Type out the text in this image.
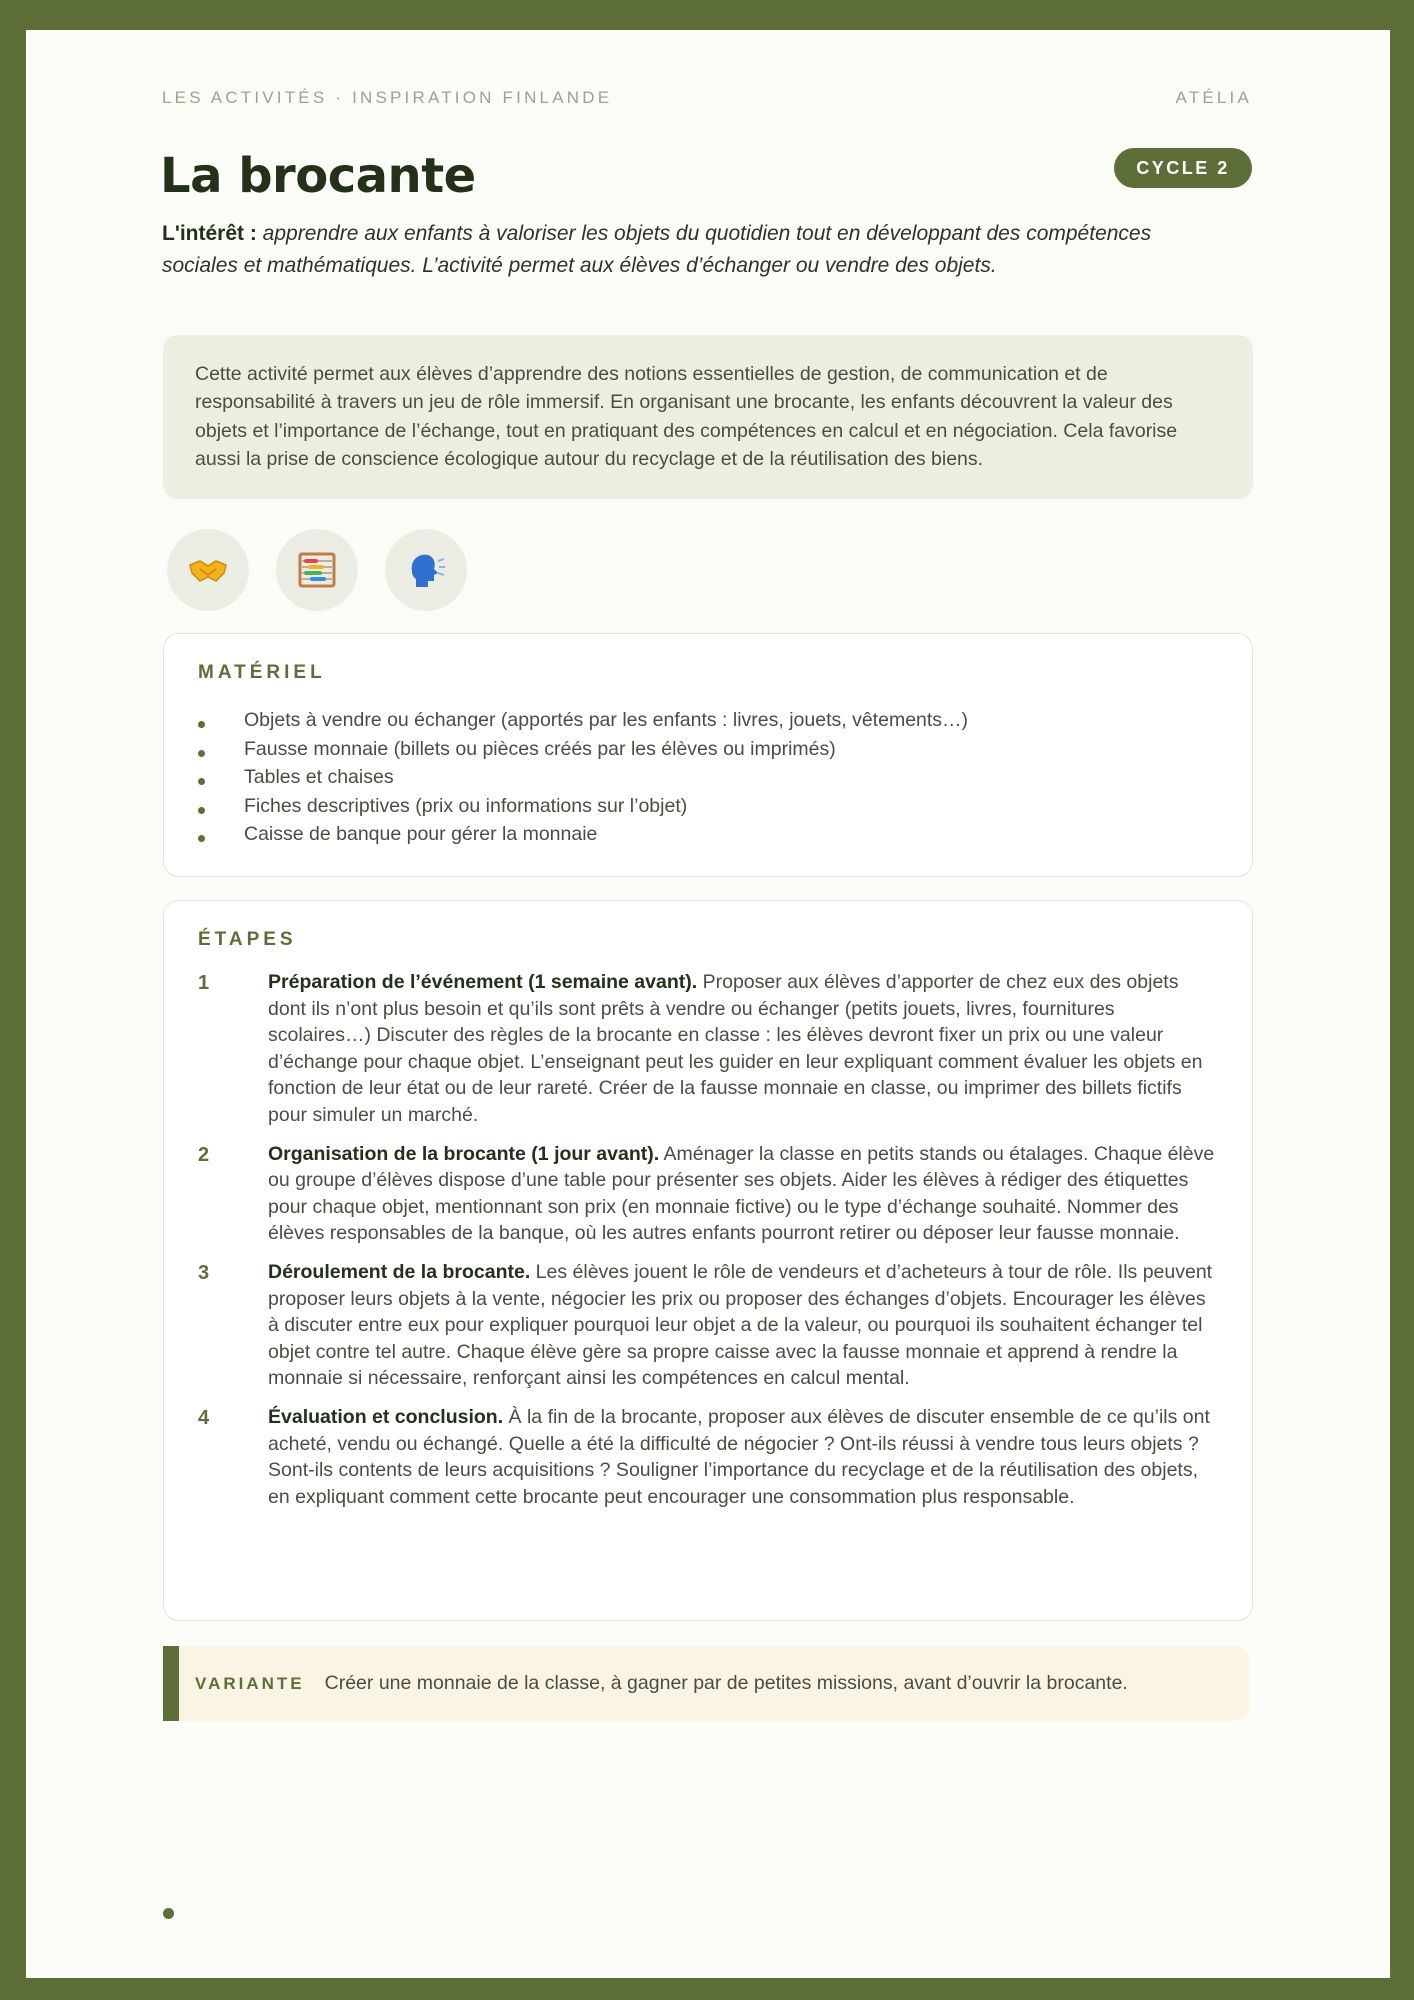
LES ACTIVITÉS · INSPIRATION FINLANDE	ATÉLIA
La brocante	CYCLE 2

L'intérêt : apprendre aux enfants à valoriser les objets du quotidien tout en développant des compétences sociales et mathématiques. L’activité permet aux élèves d’échanger ou vendre des objets.

Cette activité permet aux élèves d’apprendre des notions essentielles de gestion, de communication et de responsabilité à travers un jeu de rôle immersif. En organisant une brocante, les enfants découvrent la valeur des objets et l’importance de l’échange, tout en pratiquant des compétences en calcul et en négociation. Cela favorise aussi la prise de conscience écologique autour du recyclage et de la réutilisation des biens.
MATÉRIEL
Objets à vendre ou échanger (apportés par les enfants : livres, jouets, vêtements…)
Fausse monnaie (billets ou pièces créés par les élèves ou imprimés)
Tables et chaises
Fiches descriptives (prix ou informations sur l’objet)
Caisse de banque pour gérer la monnaie
ÉTAPES
1	Préparation de l’événement (1 semaine avant). Proposer aux élèves d’apporter de chez eux des objets dont ils n’ont plus besoin et qu’ils sont prêts à vendre ou échanger (petits jouets, livres, fournitures scolaires…) Discuter des règles de la brocante en classe : les élèves devront fixer un prix ou une valeur d’échange pour chaque objet. L’enseignant peut les guider en leur expliquant comment évaluer les objets en fonction de leur état ou de leur rareté. Créer de la fausse monnaie en classe, ou imprimer des billets fictifs pour simuler un marché.
2	Organisation de la brocante (1 jour avant). Aménager la classe en petits stands ou étalages. Chaque élève ou groupe d’élèves dispose d’une table pour présenter ses objets. Aider les élèves à rédiger des étiquettes pour chaque objet, mentionnant son prix (en monnaie fictive) ou le type d’échange souhaité. Nommer des élèves responsables de la banque, où les autres enfants pourront retirer ou déposer leur fausse monnaie.
3	Déroulement de la brocante. Les élèves jouent le rôle de vendeurs et d’acheteurs à tour de rôle. Ils peuvent proposer leurs objets à la vente, négocier les prix ou proposer des échanges d’objets. Encourager les élèves à discuter entre eux pour expliquer pourquoi leur objet a de la valeur, ou pourquoi ils souhaitent échanger tel objet contre tel autre. Chaque élève gère sa propre caisse avec la fausse monnaie et apprend à rendre la monnaie si nécessaire, renforçant ainsi les compétences en calcul mental.
4	Évaluation et conclusion. À la fin de la brocante, proposer aux élèves de discuter ensemble de ce qu’ils ont acheté, vendu ou échangé. Quelle a été la difficulté de négocier ? Ont-ils réussi à vendre tous leurs objets ? Sont-ils contents de leurs acquisitions ? Souligner l’importance du recyclage et de la réutilisation des objets, en expliquant comment cette brocante peut encourager une consommation plus responsable.
VARIANTE Créer une monnaie de la classe, à gagner par de petites missions, avant d’ouvrir la brocante.
